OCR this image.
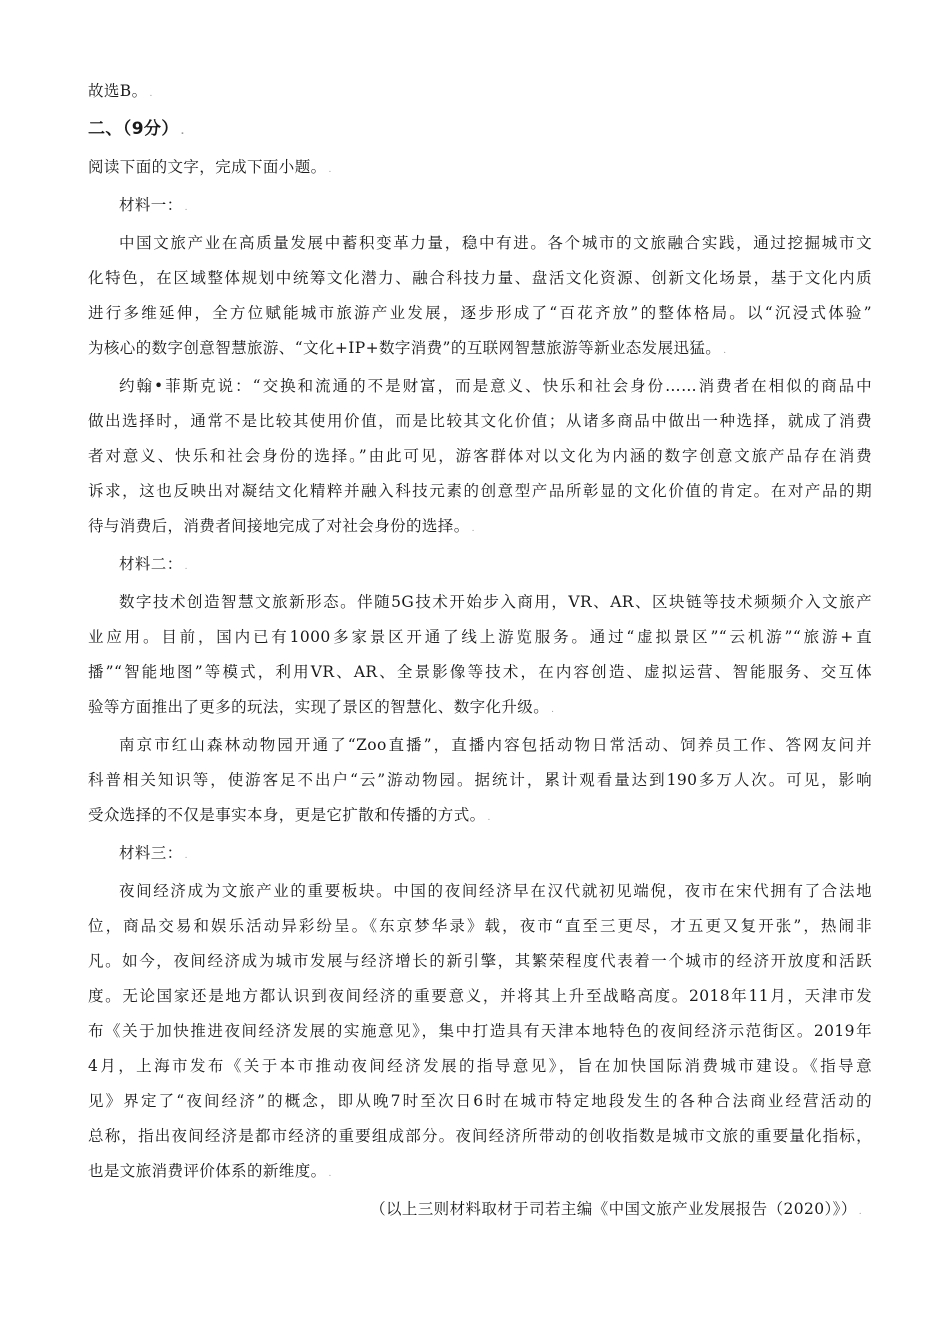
故选B。 .

二、（9分） .

阅读下面的文字，完成下面小题。 .

材料一： .

中国文旅产业在高质量发展中蓄积变革力量，稳中有进。各个城市的文旅融合实践，通过挖掘城市文

化特色，在区域整体规划中统筹文化潜力、融合科技力量、盘活文化资源、创新文化场景，基于文化内质

进行多维延伸，全方位赋能城市旅游产业发展，逐步形成了“百花齐放”的整体格局。以“沉浸式体验”

为核心的数字创意智慧旅游、“文化+IP+数字消费”的互联网智慧旅游等新业态发展迅猛。 .

约翰•菲斯克说：“交换和流通的不是财富，而是意义、快乐和社会身份……消费者在相似的商品中

做出选择时，通常不是比较其使用价值，而是比较其文化价值；从诸多商品中做出一种选择，就成了消费

者对意义、快乐和社会身份的选择。”由此可见，游客群体对以文化为内涵的数字创意文旅产品存在消费

诉求，这也反映出对凝结文化精粹并融入科技元素的创意型产品所彰显的文化价值的肯定。在对产品的期

待与消费后，消费者间接地完成了对社会身份的选择。 .

材料二： .

数字技术创造智慧文旅新形态。伴随5G技术开始步入商用，VR、AR、区块链等技术频频介入文旅产

业应用。目前，国内已有1000多家景区开通了线上游览服务。通过“虚拟景区”“云机游”“旅游+直

播”“智能地图”等模式，利用VR、AR、全景影像等技术，在内容创造、虚拟运营、智能服务、交互体

验等方面推出了更多的玩法，实现了景区的智慧化、数字化升级。 .

南京市红山森林动物园开通了“Zoo直播”，直播内容包括动物日常活动、饲养员工作、答网友问并

科普相关知识等，使游客足不出户“云”游动物园。据统计，累计观看量达到190多万人次。可见，影响

受众选择的不仅是事实本身，更是它扩散和传播的方式。 .

材料三： .

夜间经济成为文旅产业的重要板块。中国的夜间经济早在汉代就初见端倪，夜市在宋代拥有了合法地

位，商品交易和娱乐活动异彩纷呈。《东京梦华录》载，夜市“直至三更尽，才五更又复开张”，热闹非

凡。如今，夜间经济成为城市发展与经济增长的新引擎，其繁荣程度代表着一个城市的经济开放度和活跃

度。无论国家还是地方都认识到夜间经济的重要意义，并将其上升至战略高度。2018年11月，天津市发

布《关于加快推进夜间经济发展的实施意见》，集中打造具有天津本地特色的夜间经济示范街区。2019年

4月，上海市发布《关于本市推动夜间经济发展的指导意见》，旨在加快国际消费城市建设。《指导意

见》界定了“夜间经济”的概念，即从晚7时至次日6时在城市特定地段发生的各种合法商业经营活动的

总称，指出夜间经济是都市经济的重要组成部分。夜间经济所带动的创收指数是城市文旅的重要量化指标，

也是文旅消费评价体系的新维度。 .

（以上三则材料取材于司若主编《中国文旅产业发展报告（2020）》） .
